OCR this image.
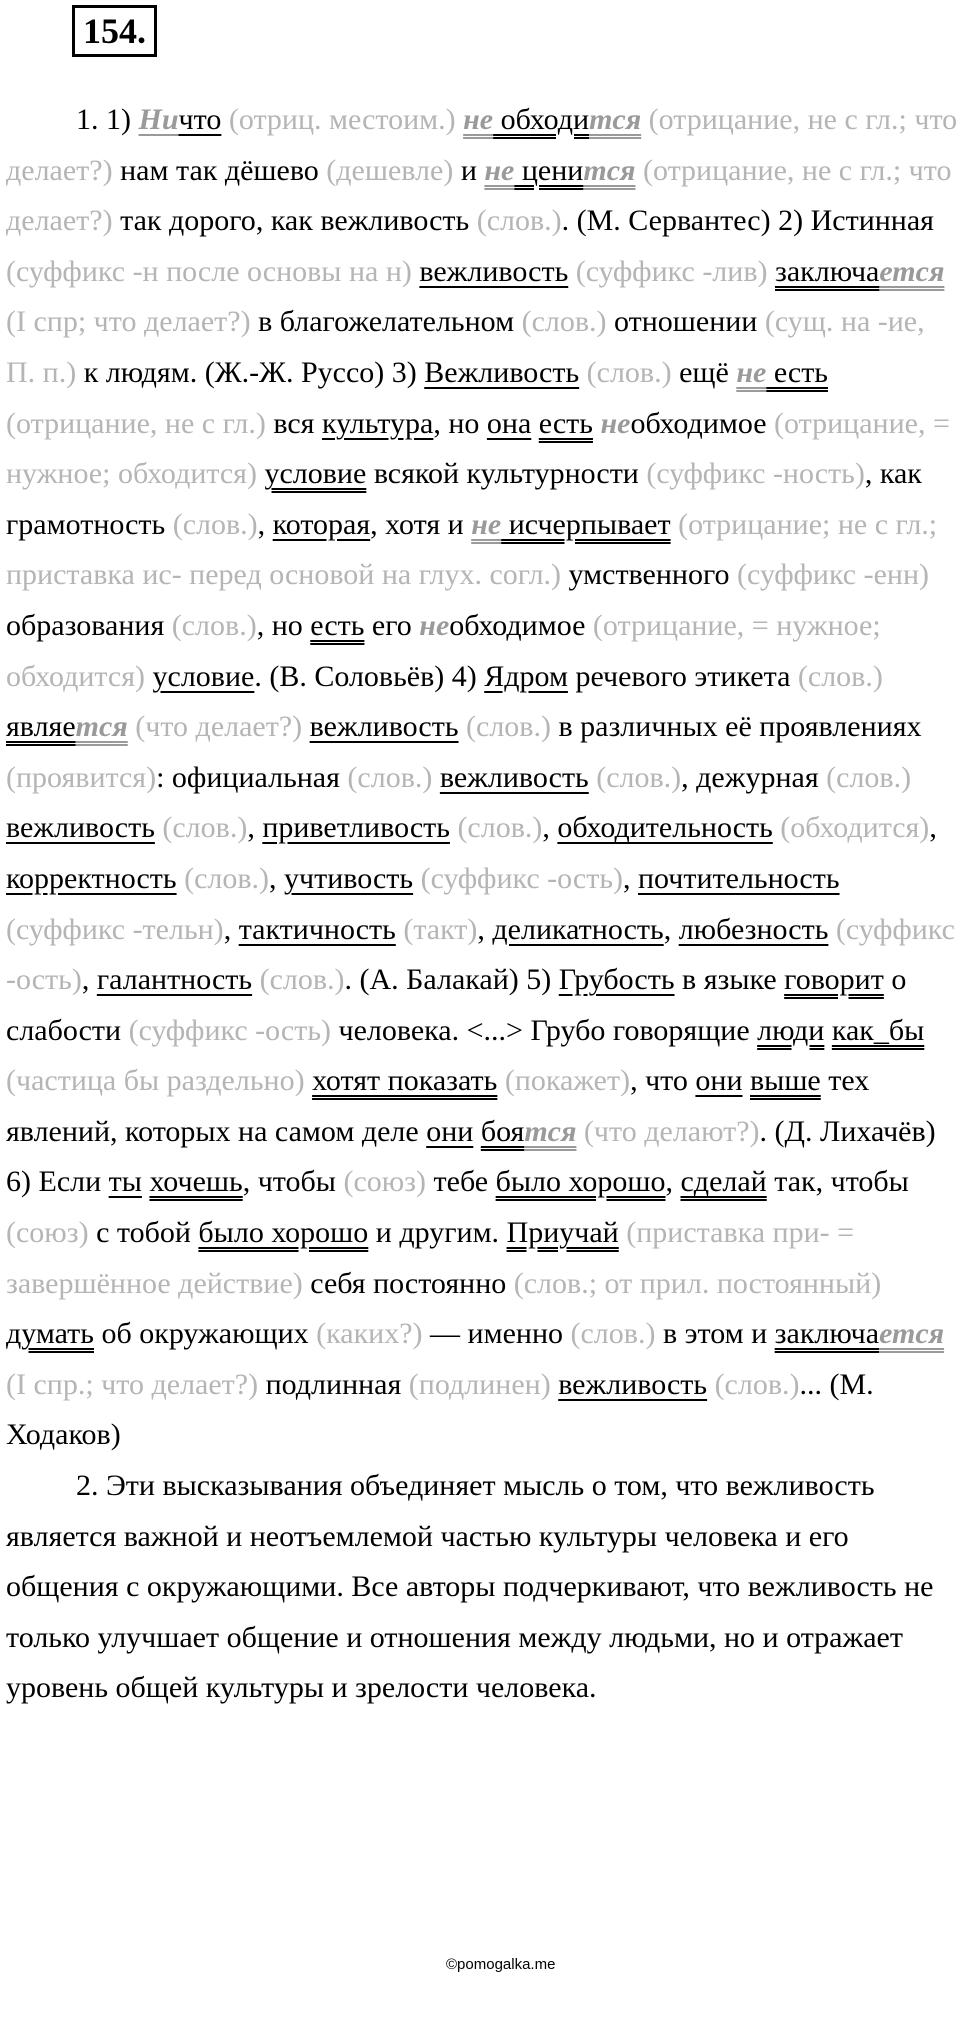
154.

1. 1) Ничто (отриц. местоим.) не обходится (отрицание, не с гл.; что делает?) нам так дёшево (дешевле) и не ценится (отрицание, не с гл.; что делает?) так дорого, как вежливость (слов.). (М. Сервантес) 2) Истинная (суффикс -н после основы на н) вежливость (суффикс -лив) заключается (I спр; что делает?) в благожелательном (слов.) отношении (сущ. на -ие, П. п.) к людям. (Ж.-Ж. Руссо) 3) Вежливость (слов.) ещё не есть (отрицание, не с гл.) вся культура, но она есть необходимое (отрицание, = нужное; обходится) условие всякой культурности (суффикс -ность), как грамотность (слов.), которая, хотя и не исчерпывает (отрицание; не с гл.; приставка ис- перед основой на глух. согл.) умственного (суффикс -енн) образования (слов.), но есть его необходимое (отрицание, = нужное; обходится) условие. (В. Соловьёв) 4) Ядром речевого этикета (слов.) является (что делает?) вежливость (слов.) в различных её проявлениях (проявится): официальная (слов.) вежливость (слов.), дежурная (слов.) вежливость (слов.), приветливость (слов.), обходительность (обходится), корректность (слов.), учтивость (суффикс -ость), почтительность (суффикс -тельн), тактичность (такт), деликатность, любезность (суффикс -ость), галантность (слов.). (А. Балакай) 5) Грубость в языке говорит о слабости (суффикс -ость) человека. <...> Грубо говорящие люди как_бы (частица бы раздельно) хотят показать (покажет), что они выше тех явлений, которых на самом деле они боятся (что делают?). (Д. Лихачёв) 6) Если ты хочешь, чтобы (союз) тебе было хорошо, сделай так, чтобы (союз) с тобой было хорошо и другим. Приучай (приставка при- = завершённое действие) себя постоянно (слов.; от прил. постоянный) думать об окружающих (каких?) — именно (слов.) в этом и заключается (I спр.; что делает?) подлинная (подлинен) вежливость (слов.)... (М. Ходаков)

2. Эти высказывания объединяет мысль о том, что вежливость является важной и неотъемлемой частью культуры человека и его общения с окружающими. Все авторы подчеркивают, что вежливость не только улучшает общение и отношения между людьми, но и отражает уровень общей культуры и зрелости человека.

©pomogalka.me
